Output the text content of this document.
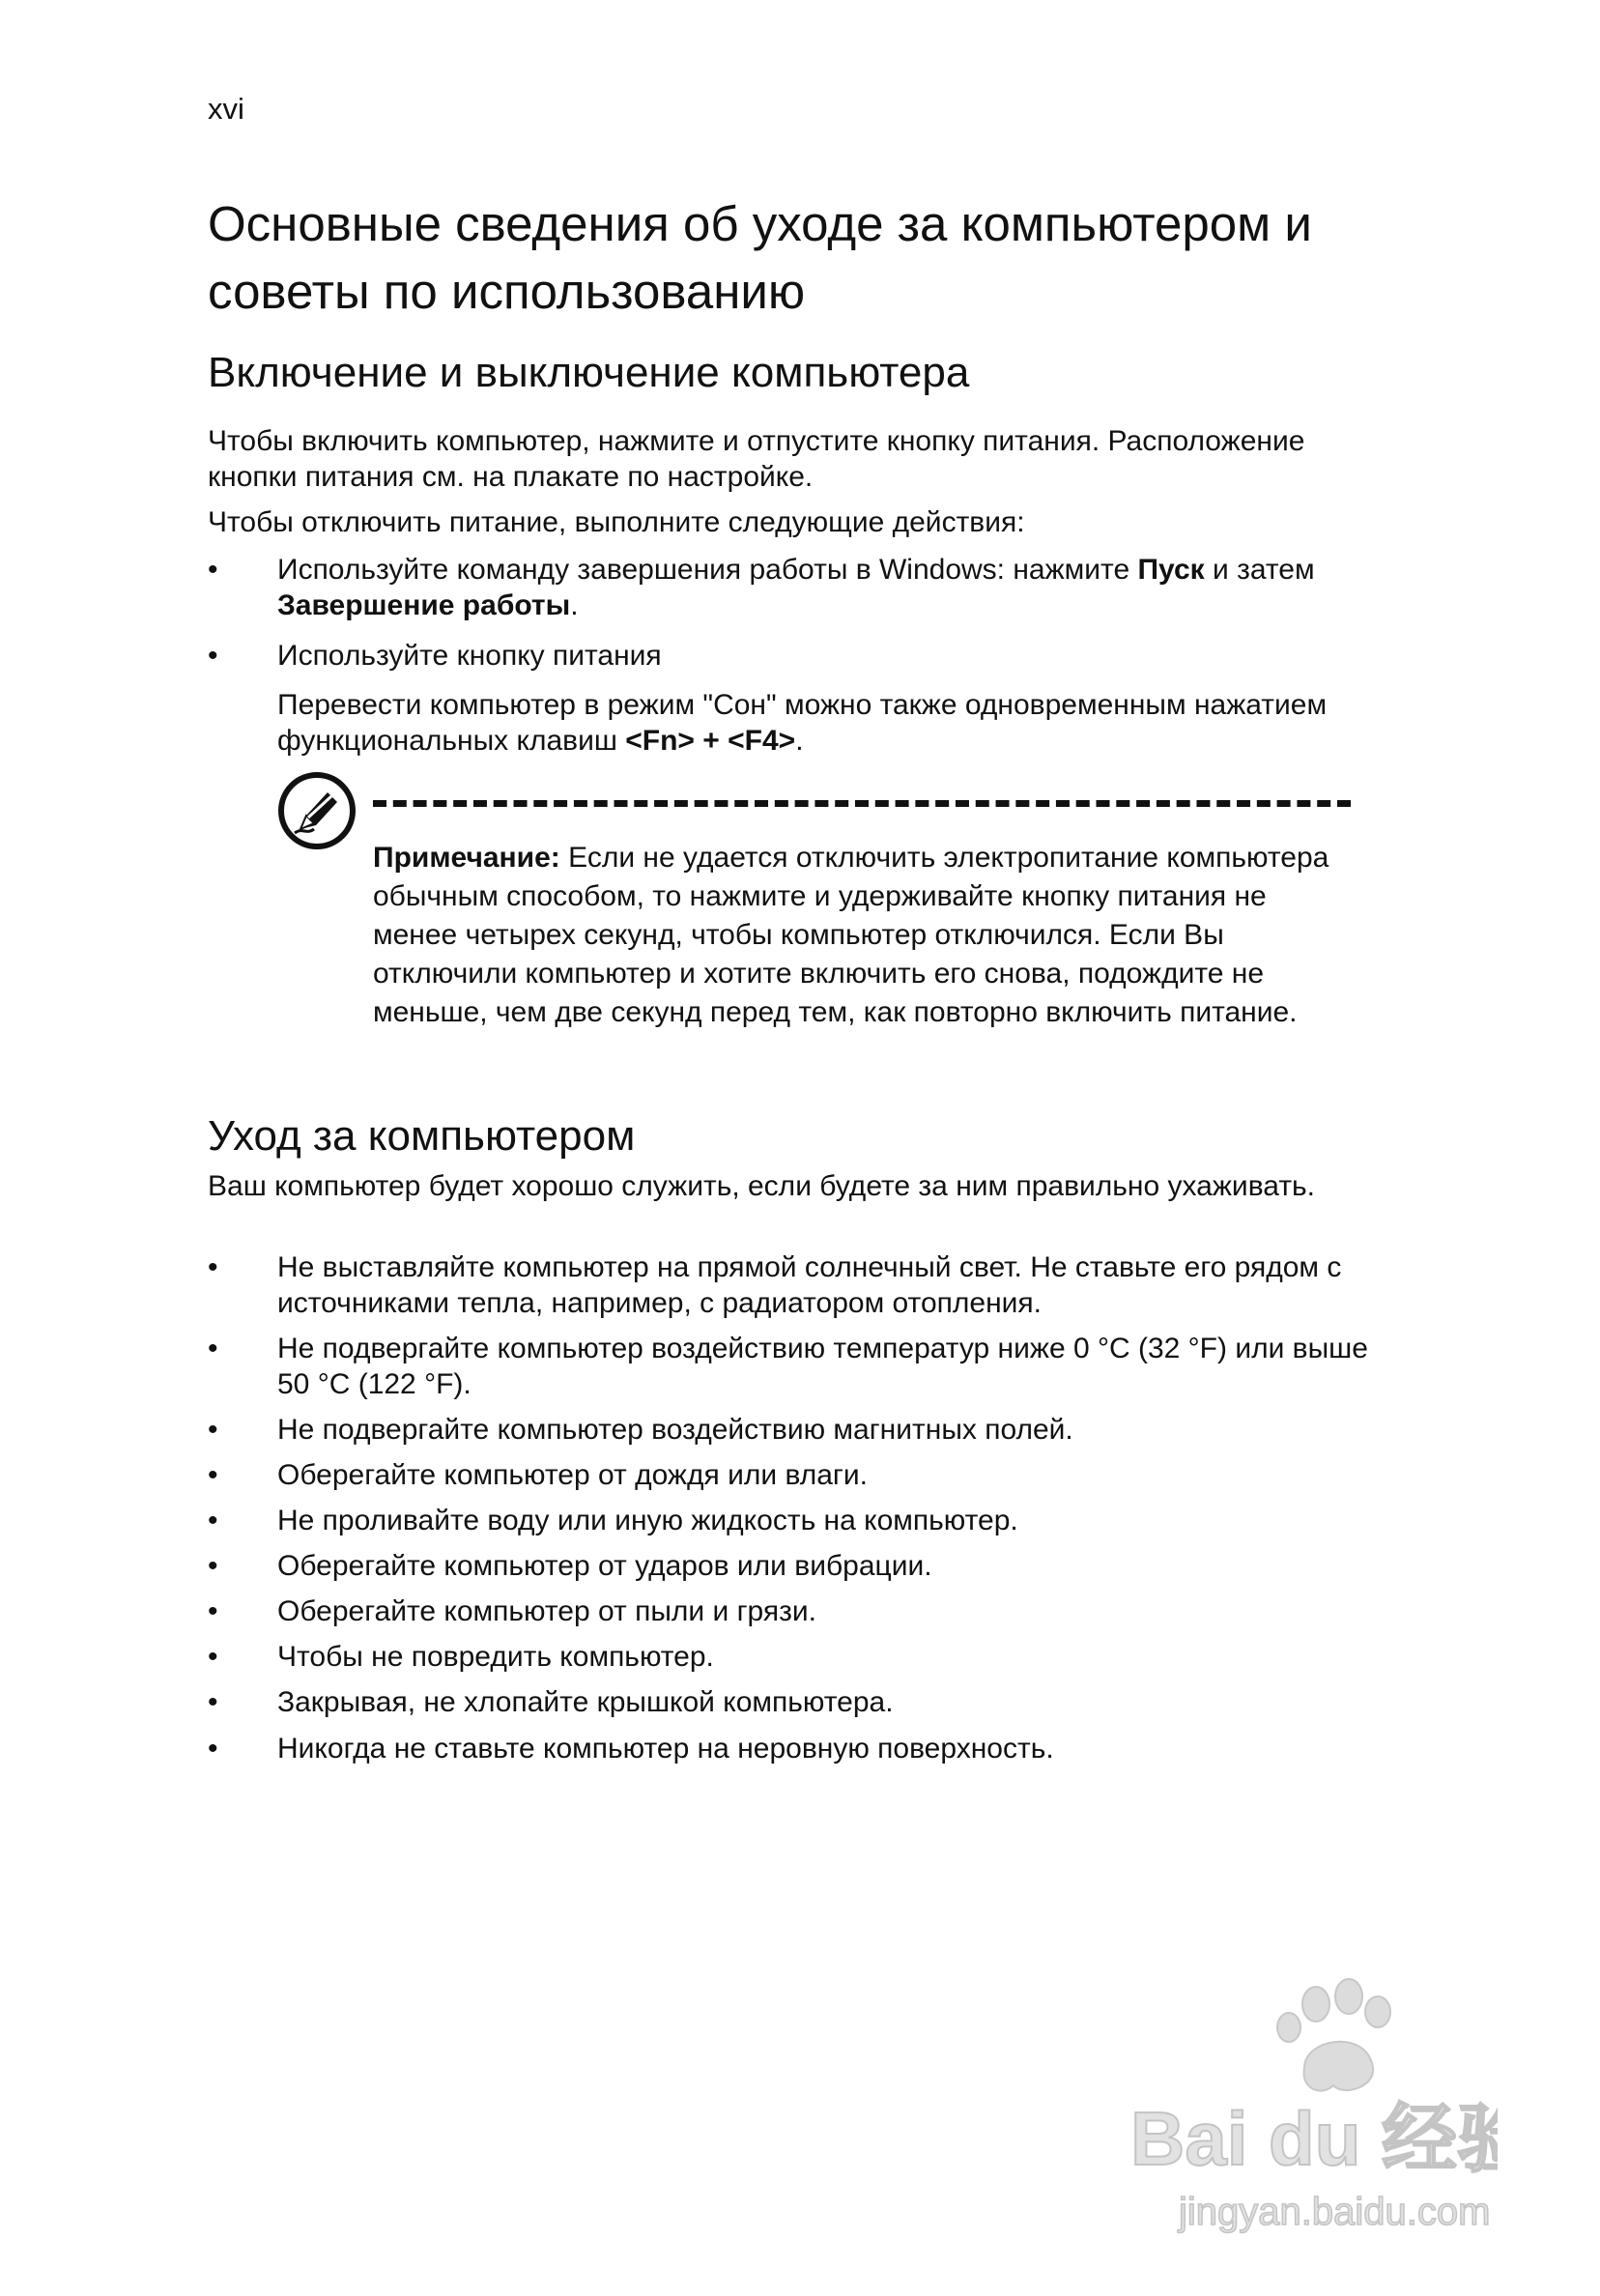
xvi
Основные сведения об уходе за компьютером и советы по использованию
Включение и выключение компьютера

Чтобы включить компьютер, нажмите и отпустите кнопку питания. Расположение кнопки питания см. на плакате по настройке.

Чтобы отключить питание, выполните следующие действия:

•	Используйте команду завершения работы в Windows: нажмите Пуск и затем Завершение работы.
•	Используйте кнопку питания

Перевести компьютер в режим "Сон" можно также одновременным нажатием функциональных клавиш <Fn> + <F4>.

Примечание: Если не удается отключить электропитание компьютера обычным способом, то нажмите и удерживайте кнопку питания не менее четырех секунд, чтобы компьютер отключился. Если Вы отключили компьютер и хотите включить его снова, подождите не меньше, чем две секунд перед тем, как повторно включить питание.

Уход за компьютером

Ваш компьютер будет хорошо служить, если будете за ним правильно ухаживать.

•	Не выставляйте компьютер на прямой солнечный свет. Не ставьте его рядом с источниками тепла, например, с радиатором отопления.
•	Не подвергайте компьютер воздействию температур ниже 0 °C (32 °F) или выше 50 °C (122 °F).
•	Не подвергайте компьютер воздействию магнитных полей.
•	Оберегайте компьютер от дождя или влаги.
•	Не проливайте воду или иную жидкость на компьютер.
•	Оберегайте компьютер от ударов или вибрации.
•	Оберегайте компьютер от пыли и грязи.
•	Чтобы не повредить компьютер.
•	Закрывая, не хлопайте крышкой компьютера.
•	Никогда не ставьте компьютер на неровную поверхность.
Bai du 经验
jingyan.baidu.com
